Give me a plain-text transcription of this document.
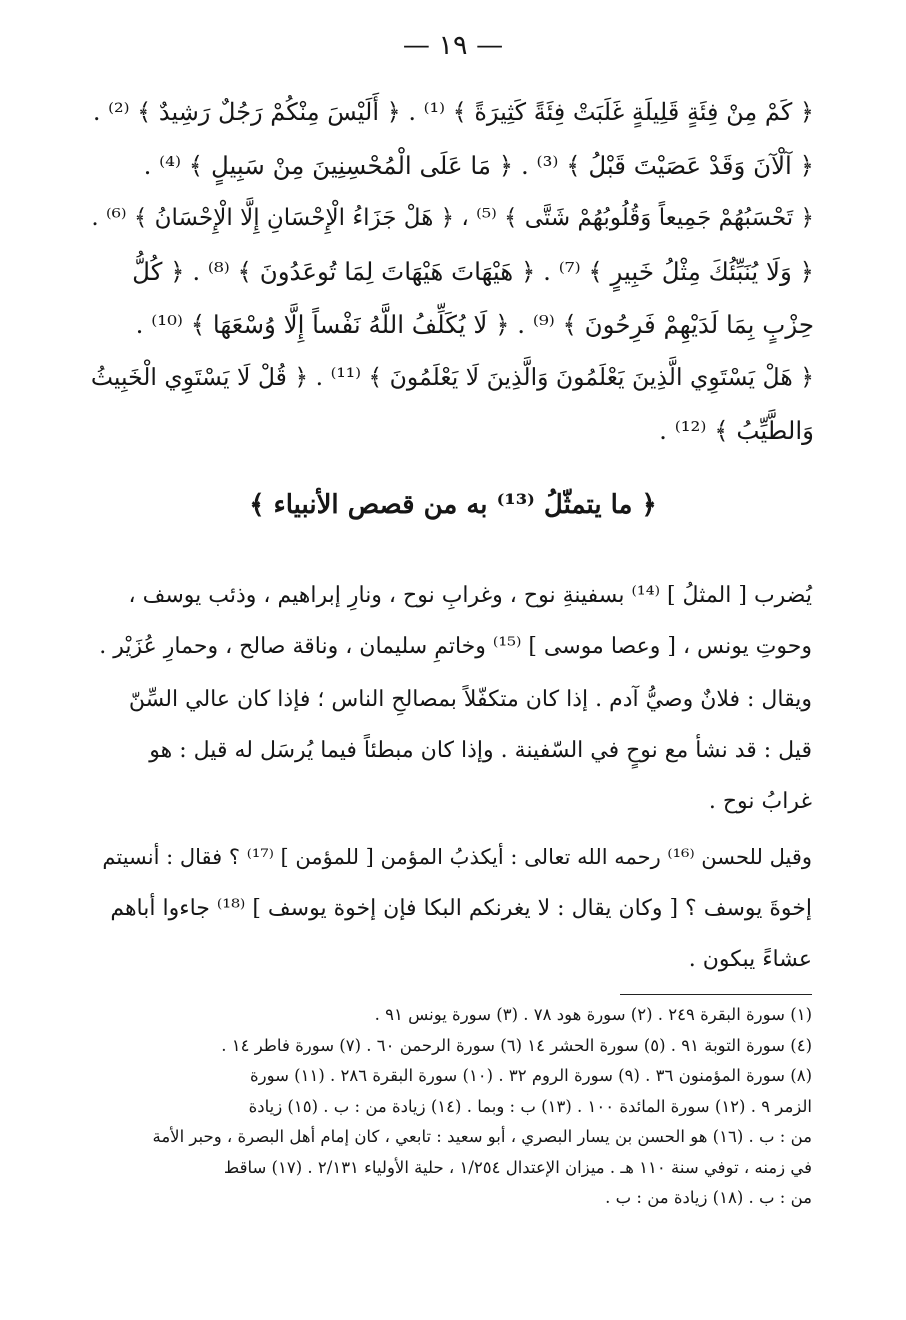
— ١٩ —
﴿ كَمْ مِنْ فِئَةٍ قَلِيلَةٍ غَلَبَتْ فِئَةً كَثِيرَةً ﴾ ⁽¹⁾ . ﴿ أَلَيْسَ مِنْكُمْ رَجُلٌ رَشِيدٌ ﴾ ⁽²⁾ .
﴿ آلْآنَ وَقَدْ عَصَيْتَ قَبْلُ ﴾ ⁽³⁾ . ﴿ مَا عَلَى الْمُحْسِنِينَ مِنْ سَبِيلٍ ﴾ ⁽⁴⁾ .
﴿ تَحْسَبُهُمْ جَمِيعاً وَقُلُوبُهُمْ شَتَّى ﴾ ⁽⁵⁾ ، ﴿ هَلْ جَزَاءُ الْإِحْسَانِ إِلَّا الْإِحْسَانُ ﴾ ⁽⁶⁾ .
﴿ وَلَا يُنَبِّئُكَ مِثْلُ خَبِيرٍ ﴾ ⁽⁷⁾ . ﴿ هَيْهَاتَ هَيْهَاتَ لِمَا تُوعَدُونَ ﴾ ⁽⁸⁾ . ﴿ كُلُّ
حِزْبٍ بِمَا لَدَيْهِمْ فَرِحُونَ ﴾ ⁽⁹⁾ . ﴿ لَا يُكَلِّفُ اللَّهُ نَفْساً إِلَّا وُسْعَهَا ﴾ ⁽¹⁰⁾ .
﴿ هَلْ يَسْتَوِي الَّذِينَ يَعْلَمُونَ وَالَّذِينَ لَا يَعْلَمُونَ ﴾ ⁽¹¹⁾ . ﴿ قُلْ لَا يَسْتَوِي الْخَبِيثُ
وَالطَّيِّبُ ﴾ ⁽¹²⁾ .
﴿ ما يتمثّلُ ⁽¹³⁾ به من قصص الأنبياء ﴾
يُضرب [ المثلُ ] ⁽¹⁴⁾ بسفينةِ نوح ، وغرابِ نوح ، ونارِ إبراهيم ، وذئب يوسف ،
وحوتِ يونس ، [ وعصا موسى ] ⁽¹⁵⁾ وخاتمِ سليمان ، وناقة صالح ، وحمارِ عُزَيْر .
ويقال : فلانٌ وصيُّ آدم . إذا كان متكفّلاً بمصالحِ الناس ؛ فإذا كان عالي السِّنّ
قيل : قد نشأ مع نوحٍ في السّفينة . وإذا كان مبطئاً فيما يُرسَل له قيل : هو
غرابُ نوح .
وقيل للحسن ⁽¹⁶⁾ رحمه الله تعالى : أيكذبُ المؤمن [ للمؤمن ] ⁽¹⁷⁾ ؟ فقال : أنسيتم
إخوةَ يوسف ؟ [ وكان يقال : لا يغرنكم البكا فإن إخوة يوسف ] ⁽¹⁸⁾ جاءوا أباهم
عشاءً يبكون .
(١) سورة البقرة ٢٤٩ . (٢) سورة هود ٧٨ . (٣) سورة يونس ٩١ .
(٤) سورة التوبة ٩١ . (٥) سورة الحشر ١٤ (٦) سورة الرحمن ٦٠ . (٧) سورة فاطر ١٤ .
(٨) سورة المؤمنون ٣٦ . (٩) سورة الروم ٣٢ . (١٠) سورة البقرة ٢٨٦ . (١١) سورة
الزمر ٩ . (١٢) سورة المائدة ١٠٠ . (١٣) ب : وبما . (١٤) زيادة من : ب . (١٥) زيادة
من : ب . (١٦) هو الحسن بن يسار البصري ، أبو سعيد : تابعي ، كان إمام أهل البصرة ، وحبر الأمة
في زمنه ، توفي سنة ١١٠ هـ . ميزان الإعتدال ١/٢٥٤ ، حلية الأولياء ٢/١٣١ . (١٧) ساقط
من : ب . (١٨) زيادة من : ب .
